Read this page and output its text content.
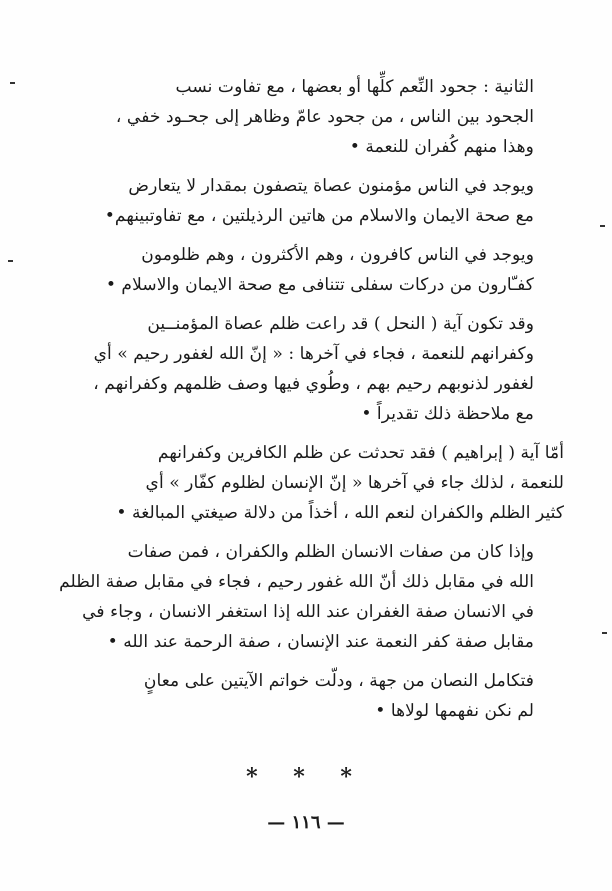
الثانية : جحود النِّعم كلِّها أو بعضها ، مع تفاوت نسب
الجحود بين الناس ، من جحود عامّ وظاهر إلى جحـود خفي ،
وهذا منهم كُفران للنعمة •

ويوجد في الناس مؤمنون عصاة يتصفون بمقدار لا يتعارض
مع صحة الايمان والاسلام من هاتين الرذيلتين ، مع تفاوتبينهم•

ويوجد في الناس كافرون ، وهم الأكثرون ، وهم ظلومون
كفـّارون من دركات سفلى تتنافى مع صحة الايمان والاسلام •

وقد تكون آية ( النحل ) قد راعت ظلم عصاة المؤمنــين
وكفرانهم للنعمة ، فجاء في آخرها : « إنّ الله لغفور رحيم » أي
لغفور لذنوبهم رحيم بهم ، وطُوي فيها وصف ظلمهم وكفرانهم ،
مع ملاحظة ذلك تقديراً •

أمّا آية ( إبراهيم ) فقد تحدثت عن ظلم الكافرين وكفرانهم
للنعمة ، لذلك جاء في آخرها « إنّ الإنسان لظلوم كفّار » أي
كثير الظلم والكفران لنعم الله ، أخذاً من دلالة صيغتي المبالغة •

وإذا كان من صفات الانسان الظلم والكفران ، فمن صفات
الله في مقابل ذلك أنّ الله غفور رحيم ، فجاء في مقابل صفة الظلم
في الانسان صفة الغفران عند الله إذا استغفر الانسان ، وجاء في
مقابل صفة كفر النعمة عند الإنسان ، صفة الرحمة عند الله •

فتكامل النصان من جهة ، ودلّت خواتم الآيتين على معانٍ
لم نكن نفهمها لولاها •

* * *
— ١١٦ —
